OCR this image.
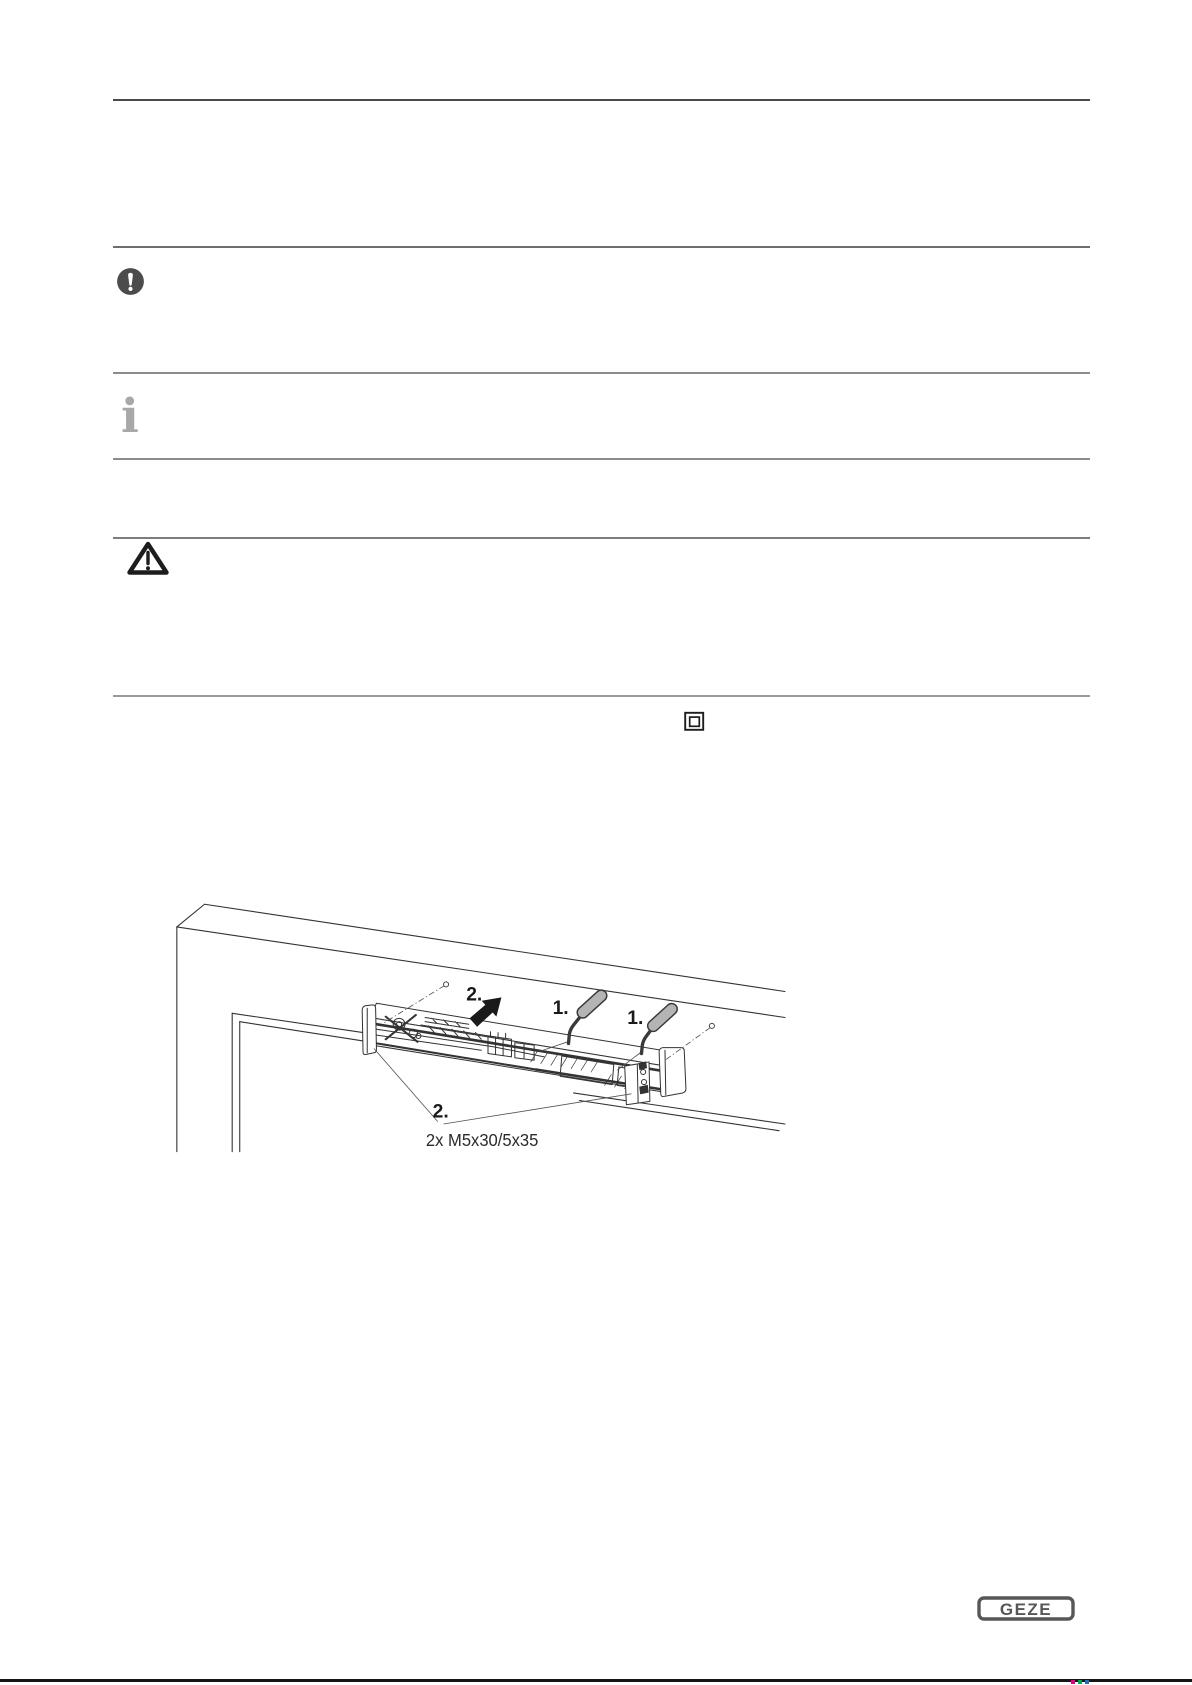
i
2.
1.	1.
2.
2x M5x30/5x35
GEZE
